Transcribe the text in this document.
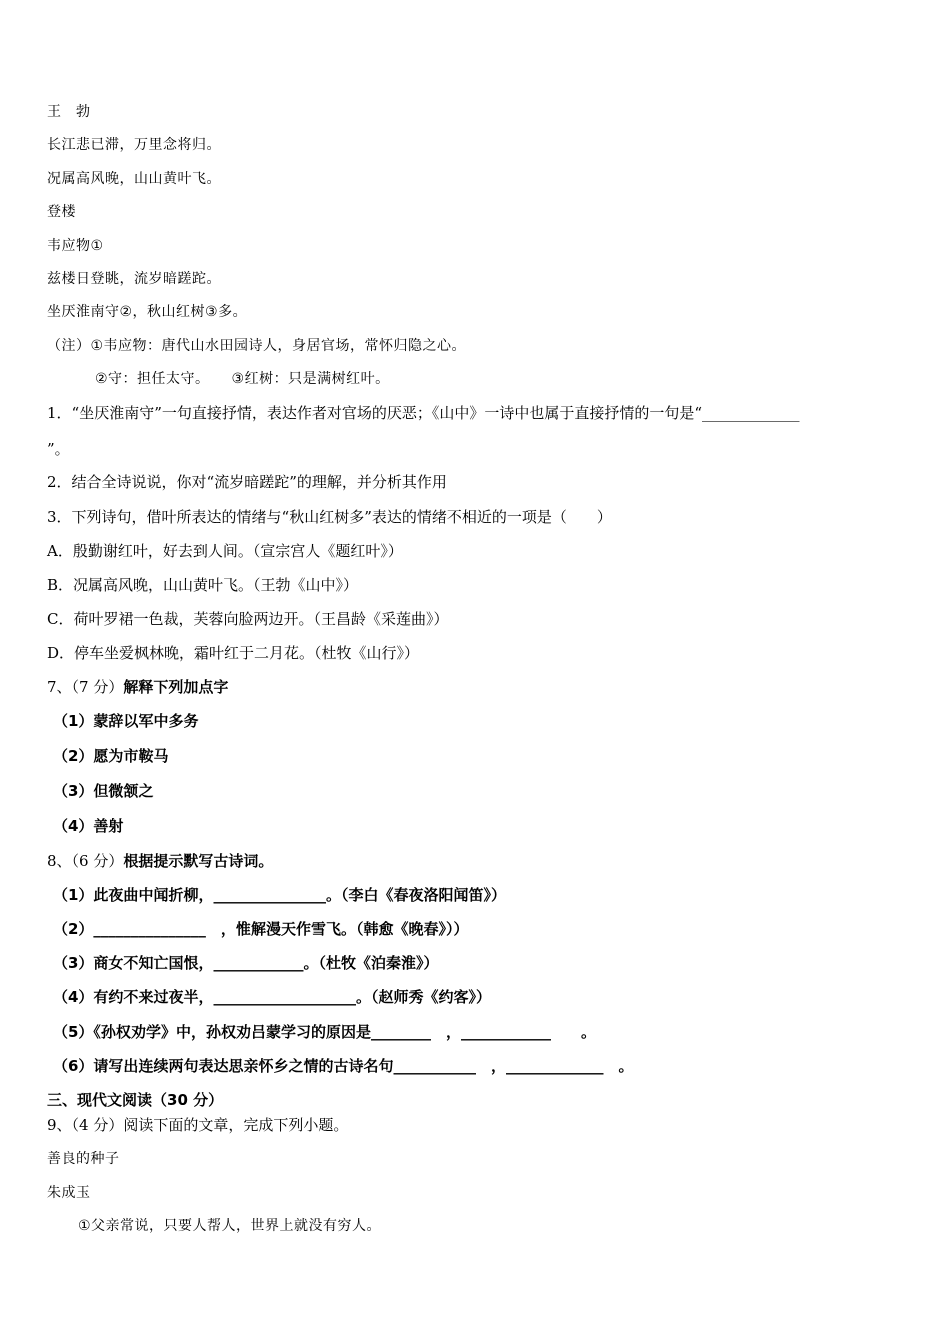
王　勃
长江悲已滞，万里念将归。
况属高风晚，山山黄叶飞。
登楼
韦应物①
兹楼日登眺，流岁暗蹉跎。
坐厌淮南守②，秋山红树③多。
（注）①韦应物：唐代山水田园诗人，身居官场，常怀归隐之心。
②守：担任太守。　　③红树：只是满树红叶。
1．“坐厌淮南守”一句直接抒情，表达作者对官场的厌恶；《山中》一诗中也属于直接抒情的一句是“_____________
”。
2．结合全诗说说，你对“流岁暗蹉跎”的理解，并分析其作用
3．下列诗句，借叶所表达的情绪与“秋山红树多”表达的情绪不相近的一项是（　　）
A．殷勤谢红叶，好去到人间。（宣宗宫人《题红叶》）
B．况属高风晚，山山黄叶飞。（王勃《山中》）
C．荷叶罗裙一色裁，芙蓉向脸两边开。（王昌龄《采莲曲》）
D．停车坐爱枫林晚，霜叶红于二月花。（杜牧《山行》）
7、（7 分）解释下列加点字
（1）蒙辞以军中多务
（2）愿为市鞍马
（3）但微颔之
（4）善射
8、（6 分）根据提示默写古诗词。
（1）此夜曲中闻折柳，_______________。（李白《春夜洛阳闻笛》）
（2）_______________　，惟解漫天作雪飞。（韩愈《晚春》））
（3）商女不知亡国恨，____________。（杜牧《泊秦淮》）
（4）有约不来过夜半，___________________。（赵师秀《约客》）
（5）《孙权劝学》中，孙权劝吕蒙学习的原因是________　，____________　　。
（6）请写出连续两句表达思亲怀乡之情的古诗名句___________　，_____________　。
三、现代文阅读（30 分）
9、（4 分）阅读下面的文章，完成下列小题。
善良的种子
朱成玉
①父亲常说，只要人帮人，世界上就没有穷人。
